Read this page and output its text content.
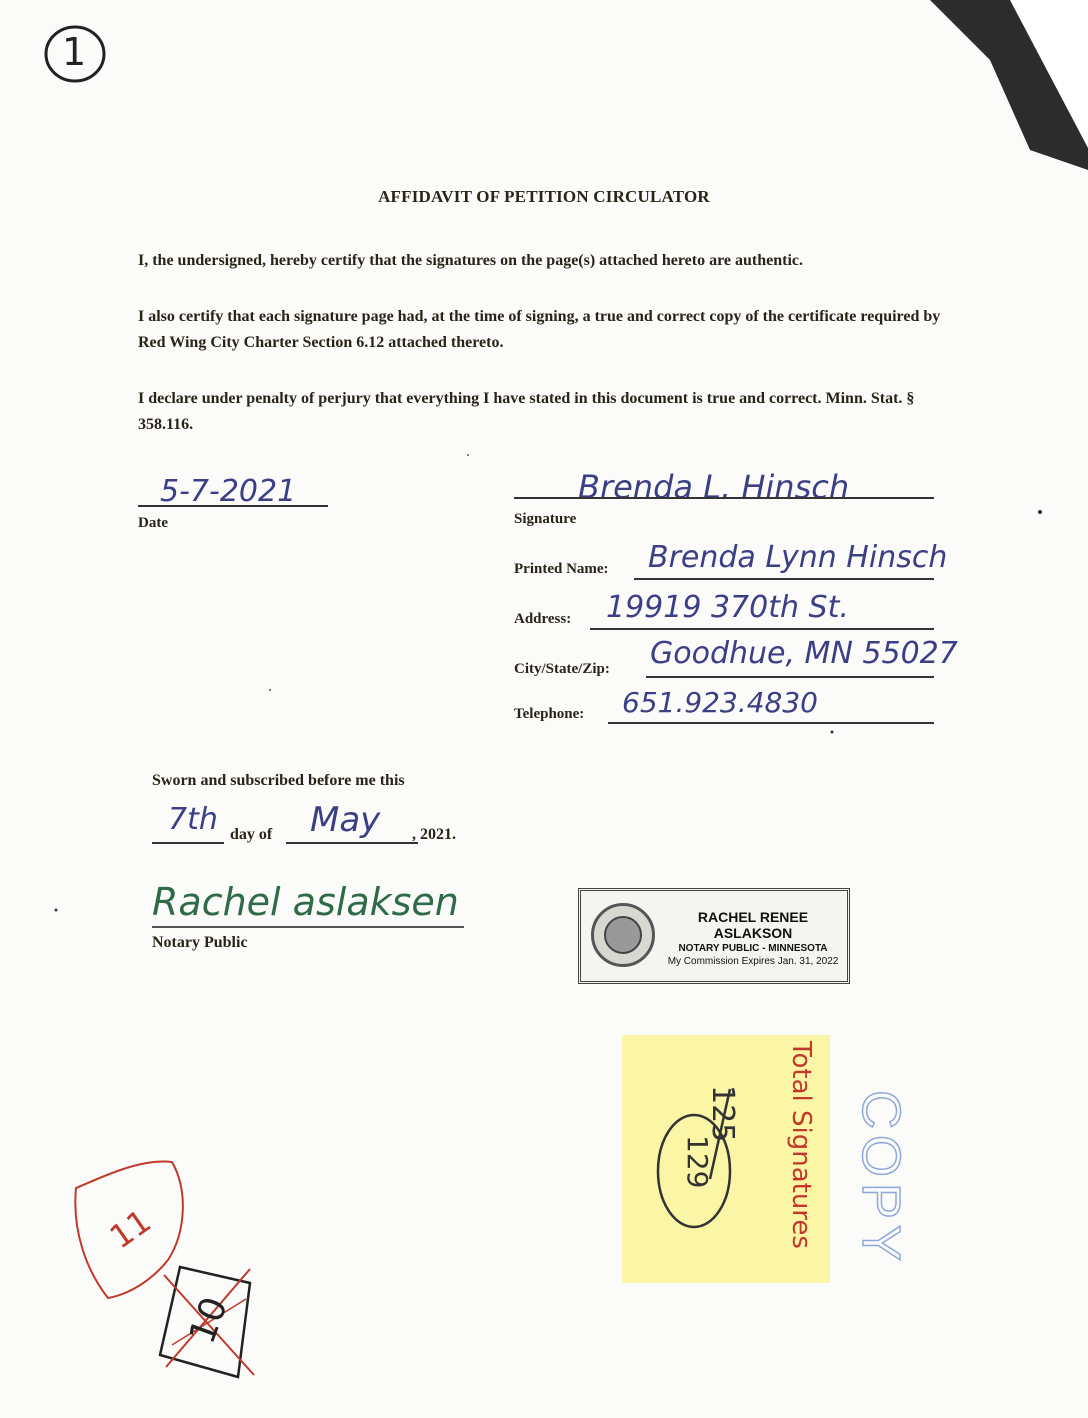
1
AFFIDAVIT OF PETITION CIRCULATOR
I, the undersigned, hereby certify that the signatures on the page(s) attached hereto are authentic.
I also certify that each signature page had, at the time of signing, a true and correct copy of the certificate required by Red Wing City Charter Section 6.12 attached thereto.
I declare under penalty of perjury that everything I have stated in this document is true and correct. Minn. Stat. § 358.116.
5-7-2021
Date
Brenda L. Hinsch
Signature
Printed Name: Brenda Lynn Hinsch
Address: 19919 370th St.
City/State/Zip: Goodhue, MN 55027
Telephone: 651.923.4830
Sworn and subscribed before me this
7th day of May , 2021.
Rachel aslaksen
Notary Public
RACHEL RENEE ASLAKSON
NOTARY PUBLIC - MINNESOTA
My Commission Expires Jan. 31, 2022
Total Signatures
125
129	COPY
11
10
